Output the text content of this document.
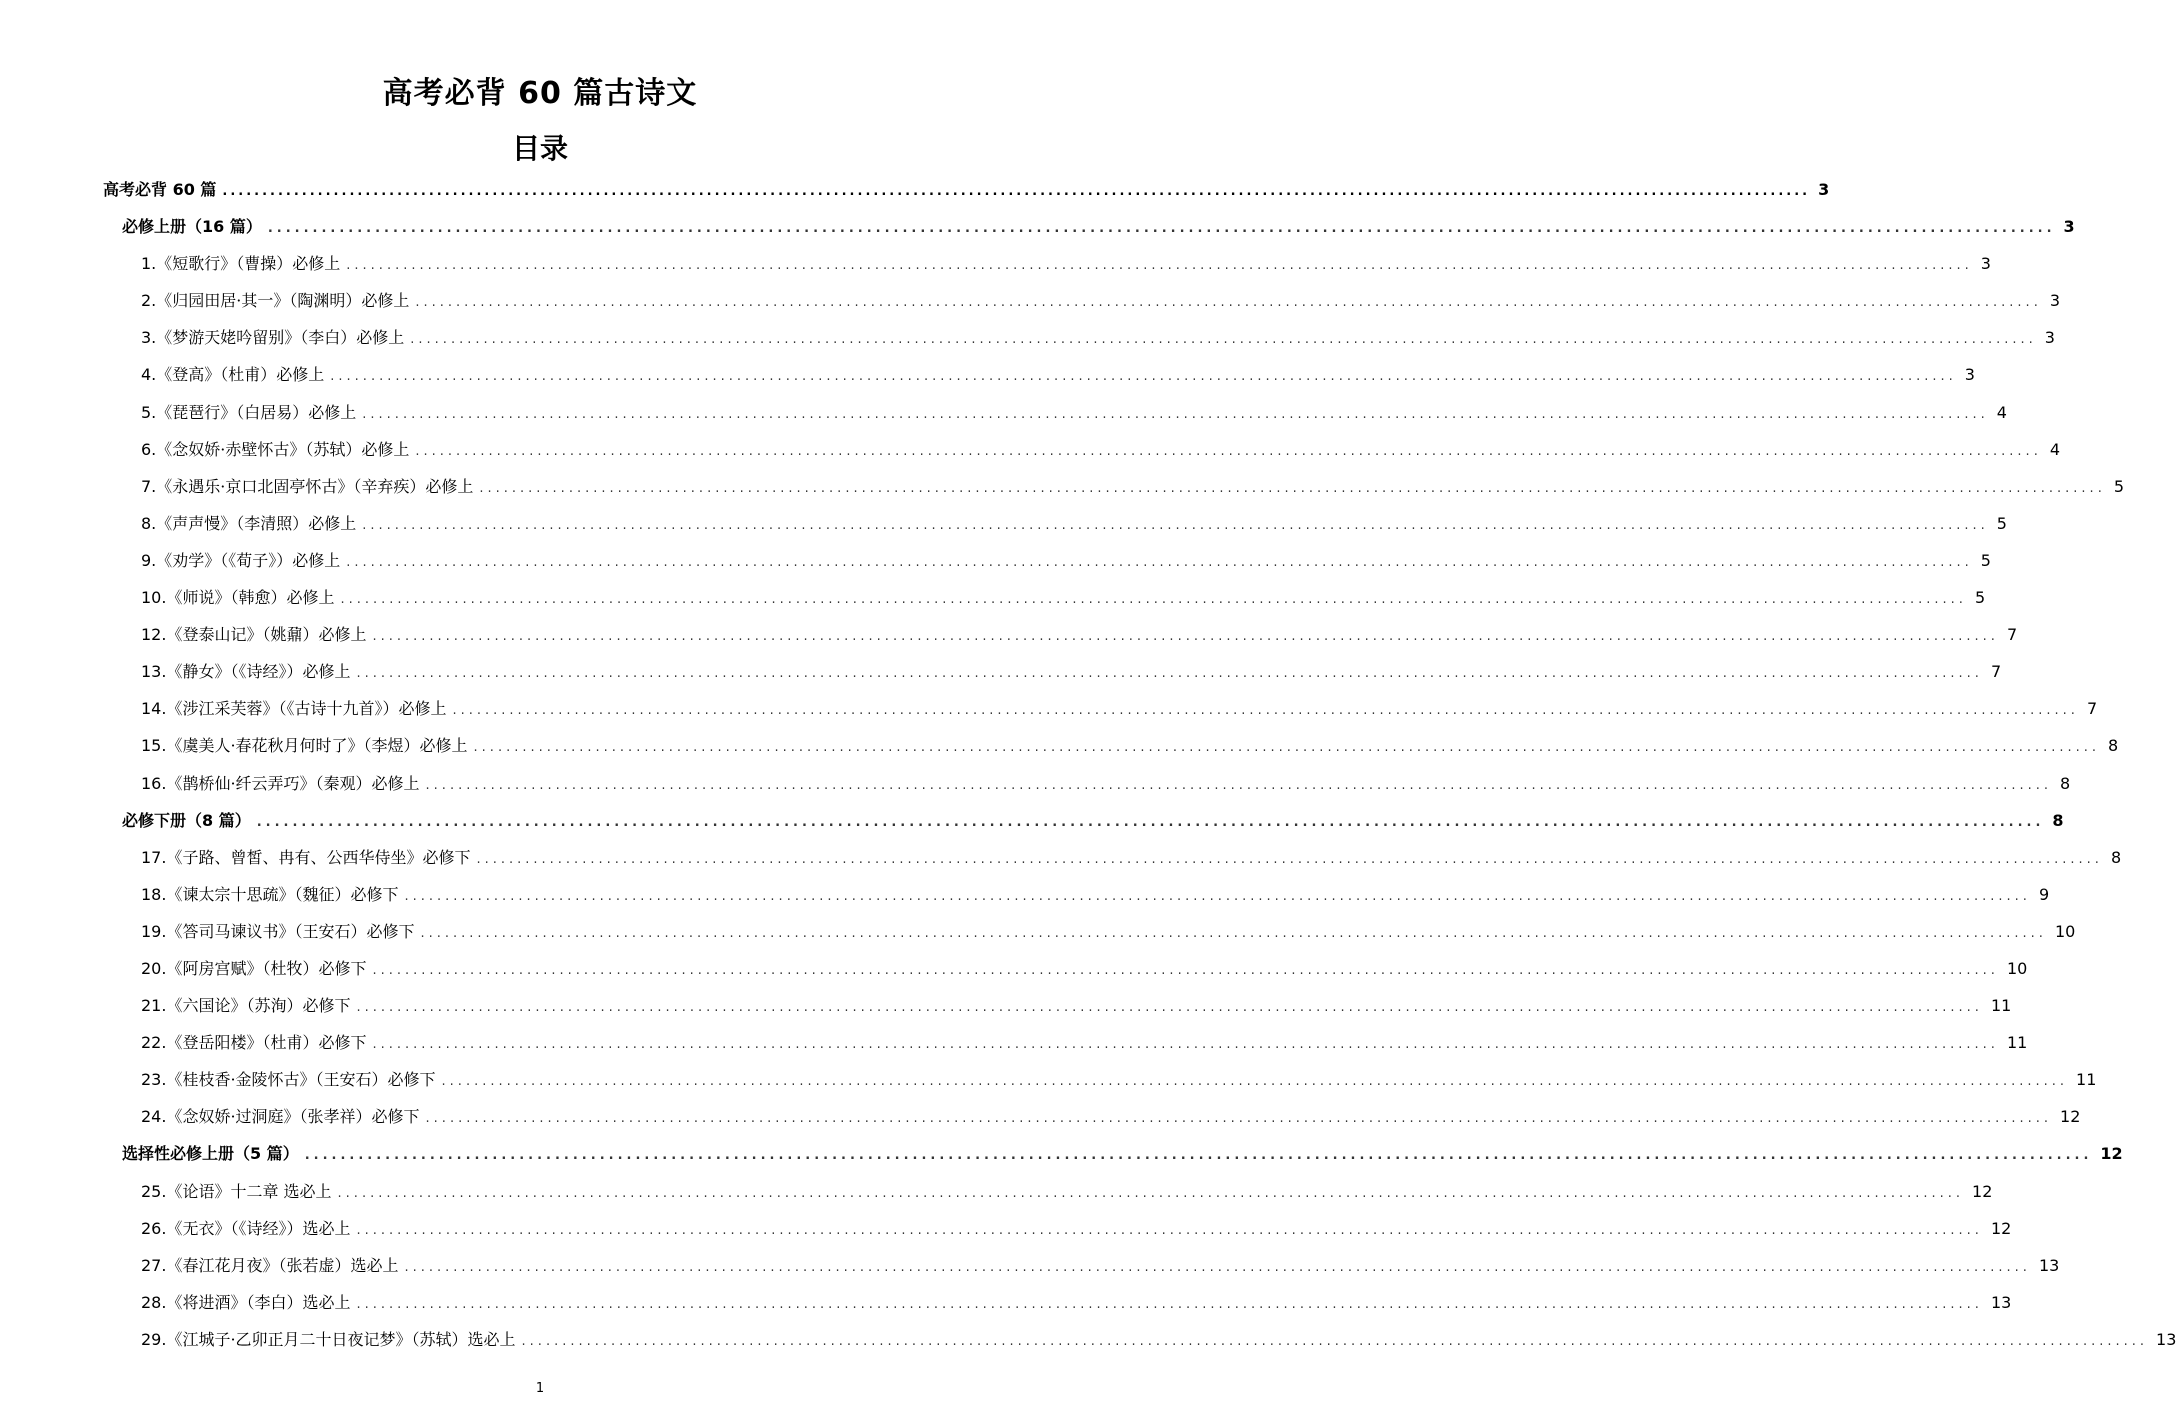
高考必背 60 篇古诗文
目录
高考必背 60 篇 ........................................................................................................................................................................................................ 3
必修上册（16 篇） ........................................................................................................................................................................................................ 3
1.《短歌行》（曹操）必修上 ........................................................................................................................................................................................................ 3
2.《归园田居·其一》（陶渊明）必修上 ........................................................................................................................................................................................................ 3
3.《梦游天姥吟留别》（李白）必修上 ........................................................................................................................................................................................................ 3
4.《登高》（杜甫）必修上 ........................................................................................................................................................................................................ 3
5.《琵琶行》（白居易）必修上 ........................................................................................................................................................................................................ 4
6.《念奴娇·赤壁怀古》（苏轼）必修上 ........................................................................................................................................................................................................ 4
7.《永遇乐·京口北固亭怀古》（辛弃疾）必修上 ........................................................................................................................................................................................................ 5
8.《声声慢》（李清照）必修上 ........................................................................................................................................................................................................ 5
9.《劝学》（《荀子》）必修上 ........................................................................................................................................................................................................ 5
10.《师说》（韩愈）必修上 ........................................................................................................................................................................................................ 5
12.《登泰山记》（姚鼐）必修上 ........................................................................................................................................................................................................ 7
13.《静女》（《诗经》）必修上 ........................................................................................................................................................................................................ 7
14.《涉江采芙蓉》（《古诗十九首》）必修上 ........................................................................................................................................................................................................ 7
15.《虞美人·春花秋月何时了》（李煜）必修上 ........................................................................................................................................................................................................ 8
16.《鹊桥仙·纤云弄巧》（秦观）必修上 ........................................................................................................................................................................................................ 8
必修下册（8 篇） ........................................................................................................................................................................................................ 8
17.《子路、曾皙、冉有、公西华侍坐》必修下 ........................................................................................................................................................................................................ 8
18.《谏太宗十思疏》（魏征）必修下 ........................................................................................................................................................................................................ 9
19.《答司马谏议书》（王安石）必修下 ........................................................................................................................................................................................................ 10
20.《阿房宫赋》（杜牧）必修下 ........................................................................................................................................................................................................ 10
21.《六国论》（苏洵）必修下 ........................................................................................................................................................................................................ 11
22.《登岳阳楼》（杜甫）必修下 ........................................................................................................................................................................................................ 11
23.《桂枝香·金陵怀古》（王安石）必修下 ........................................................................................................................................................................................................ 11
24.《念奴娇·过洞庭》（张孝祥）必修下 ........................................................................................................................................................................................................ 12
选择性必修上册（5 篇） ........................................................................................................................................................................................................ 12
25.《论语》十二章 选必上 ........................................................................................................................................................................................................ 12
26.《无衣》（《诗经》）选必上 ........................................................................................................................................................................................................ 12
27.《春江花月夜》（张若虚）选必上 ........................................................................................................................................................................................................ 13
28.《将进酒》（李白）选必上 ........................................................................................................................................................................................................ 13
29.《江城子·乙卯正月二十日夜记梦》（苏轼）选必上 ........................................................................................................................................................................................................ 13
1
